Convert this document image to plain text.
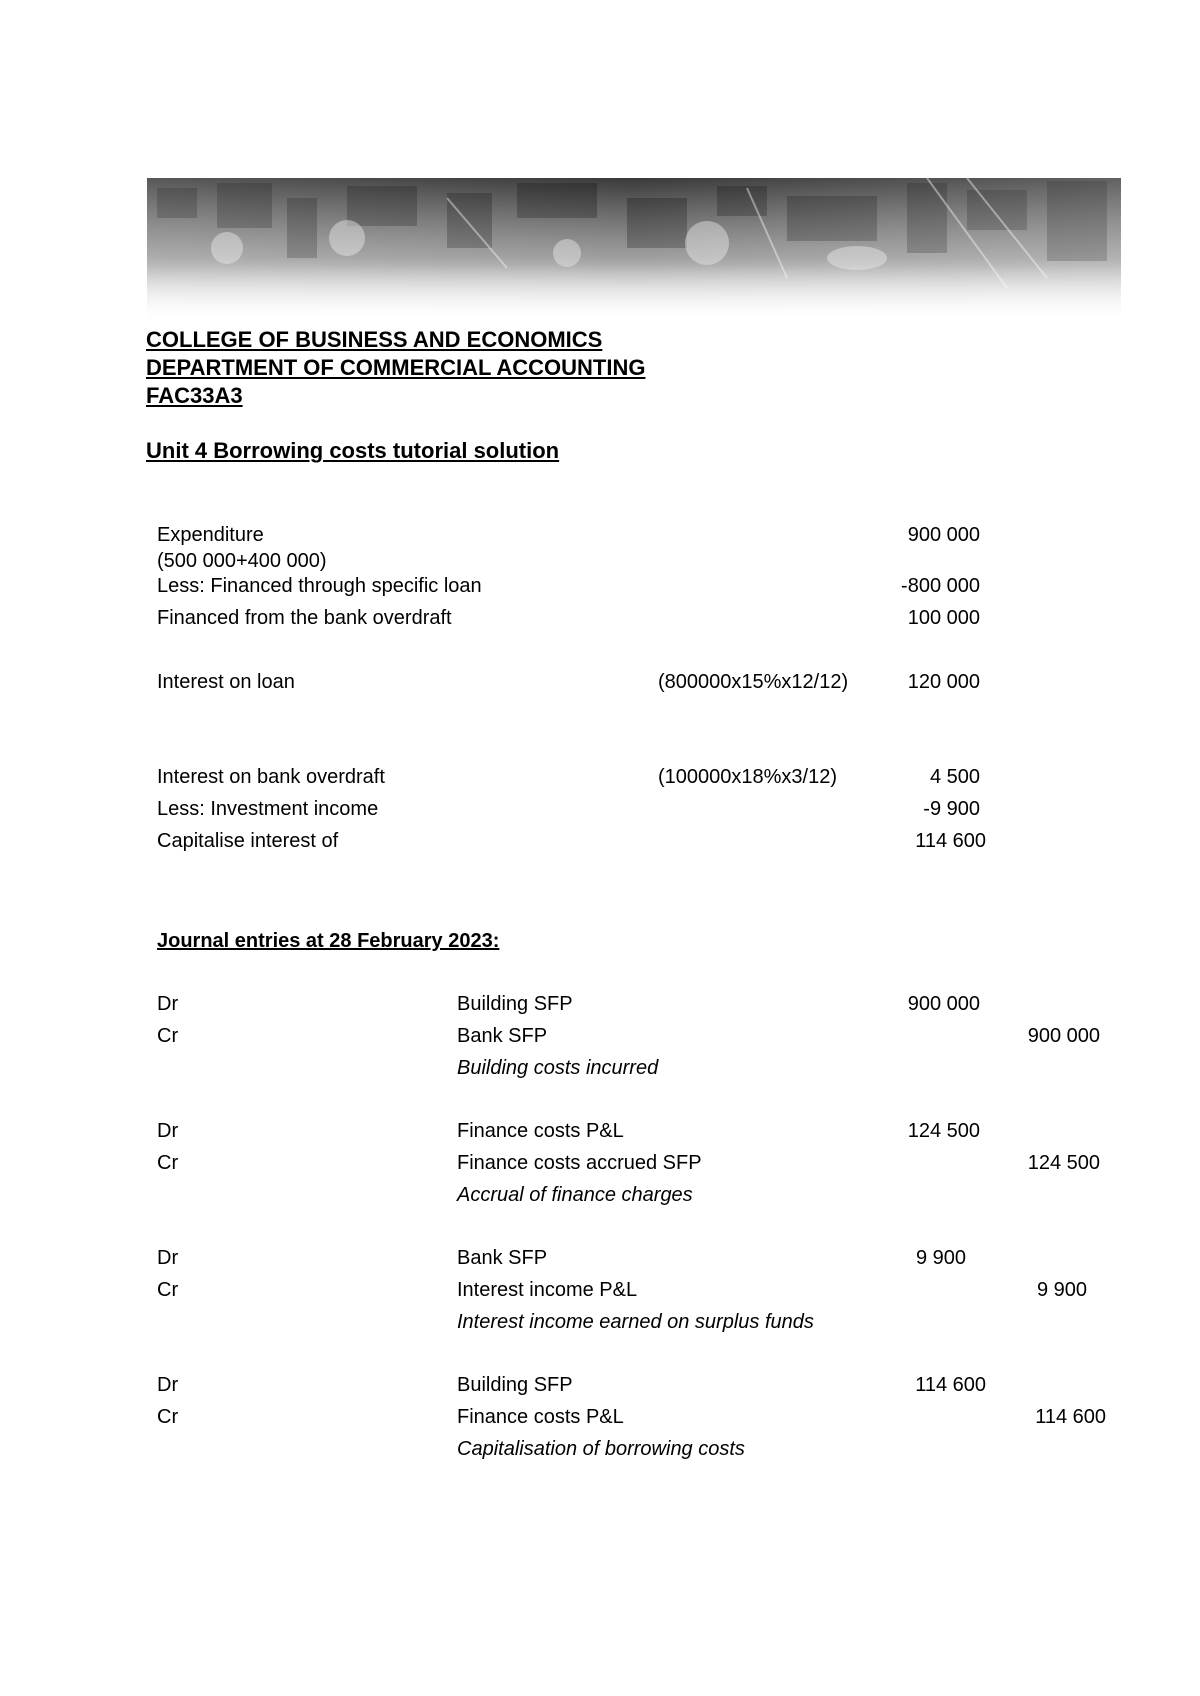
COLLEGE OF BUSINESS AND ECONOMICS
DEPARTMENT OF COMMERCIAL ACCOUNTING
FAC33A3
Unit 4 Borrowing costs tutorial solution
Expenditure	900 000
(500 000+400 000)
Less: Financed through specific loan	-800 000
Financed from the bank overdraft	100 000
Interest on loan	(800000x15%x12/12)	120 000
Interest on bank overdraft	(100000x18%x3/12)	4 500
Less: Investment income	-9 900
Capitalise interest of	114 600
Journal entries at 28 February 2023:
Dr	Building SFP	900 000
Cr	Bank SFP	900 000
Building costs incurred
Dr	Finance costs P&L	124 500
Cr	Finance costs accrued SFP	124 500
Accrual of finance charges
Dr	Bank SFP	9 900
Cr	Interest income P&L	9 900
Interest income earned on surplus funds
Dr	Building SFP	114 600
Cr	Finance costs P&L	114 600
Capitalisation of borrowing costs
